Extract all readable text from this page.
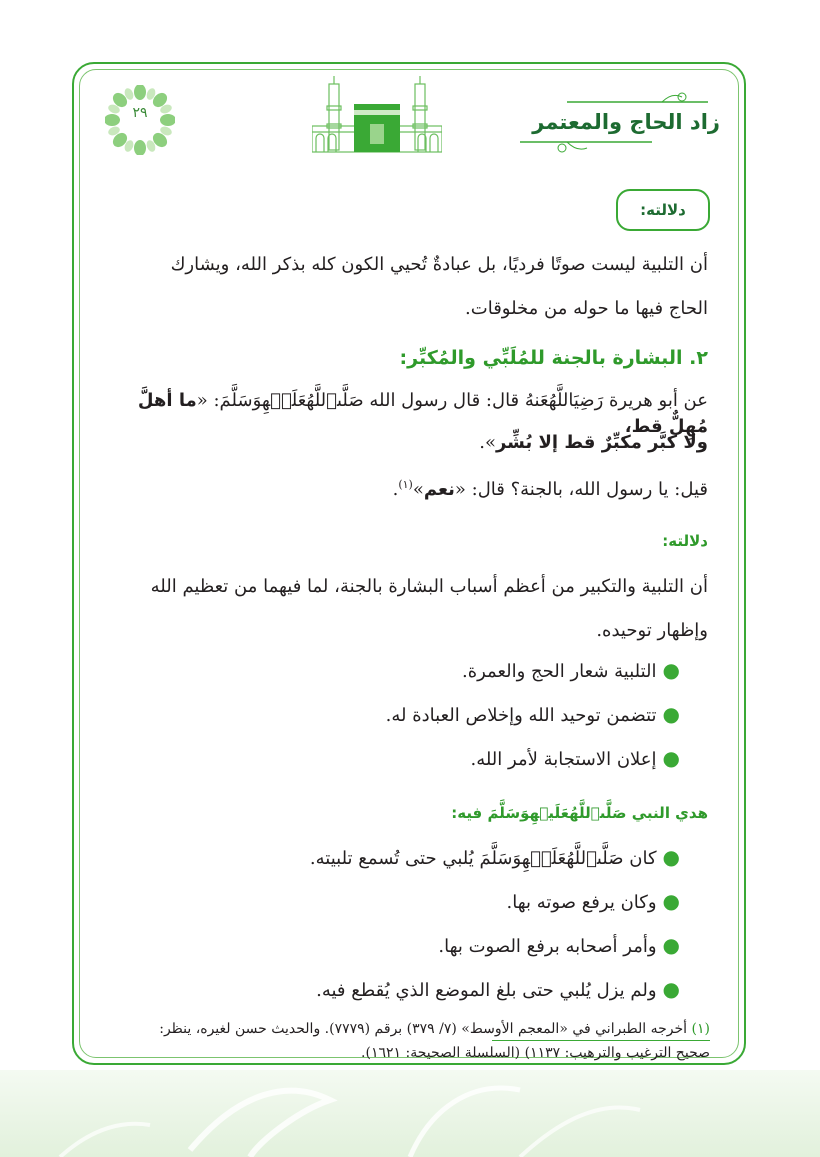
٢٩	زاد الحاج والمعتمر
دلالته:
أن التلبية ليست صوتًا فرديًا، بل عبادةٌ تُحيي الكون كله بذكر الله، ويشارك
الحاج فيها ما حوله من مخلوقات.
٢. البشارة بالجنة للمُلَبِّي والمُكبِّر:
عن أبو هريرة رَضِيَاللَّهُعَنهُ قال: قال رسول الله صَلَّىٱللَّهُعَلَيۡهِوَسَلَّمَ: «ما أهلَّ مُهِلٌّ قط،
ولا كبَّر مكبِّرٌ قط إلا بُشِّر».
قيل: يا رسول الله، بالجنة؟ قال: «نعم»$^{(١)}$.
دلالته:
أن التلبية والتكبير من أعظم أسباب البشارة بالجنة، لما فيهما من تعظيم الله
وإظهار توحيده.
●التلبية شعار الحج والعمرة.
●تتضمن توحيد الله وإخلاص العبادة له.
●إعلان الاستجابة لأمر الله.
هدي النبي صَلَّىٱللَّهُعَلَيۡهِوَسَلَّمَ فيه:
●كان صَلَّىٱللَّهُعَلَيۡهِوَسَلَّمَ يُلبي حتى تُسمع تلبيته.
●وكان يرفع صوته بها.
●وأمر أصحابه برفع الصوت بها.
●ولم يزل يُلبي حتى بلغ الموضع الذي يُقطع فيه.
(١) أخرجه الطبراني في «المعجم الأوسط» (٧/ ٣٧٩) برقم (٧٧٧٩). والحديث حسن لغيره، ينظر:
صحيح الترغيب والترهيب: ١١٣٧) (السلسلة الصحيحة: ١٦٢١).
